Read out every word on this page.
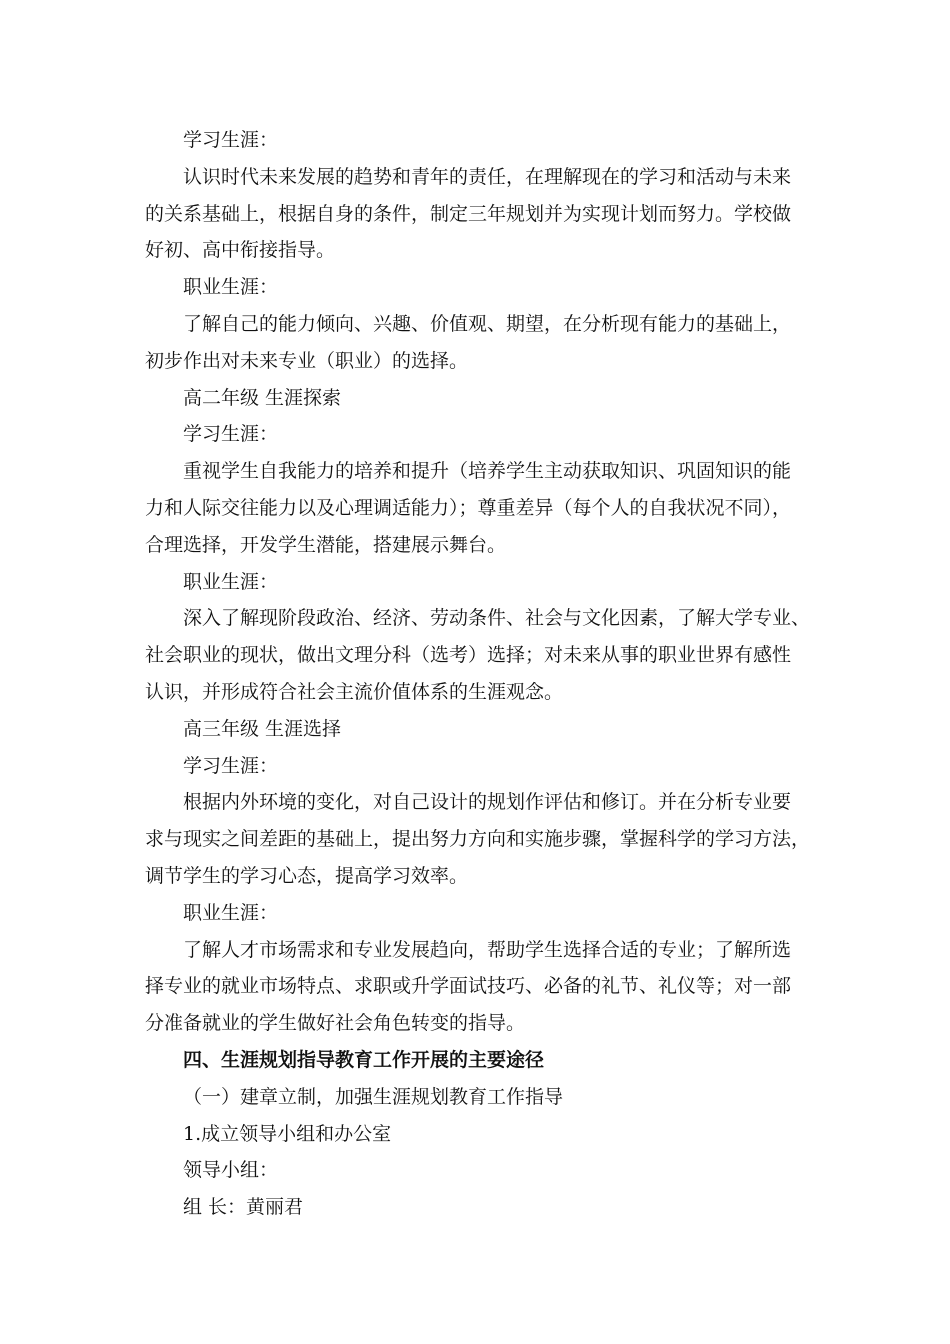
学习生涯：

认识时代未来发展的趋势和青年的责任，在理解现在的学习和活动与未来

的关系基础上，根据自身的条件，制定三年规划并为实现计划而努力。学校做

好初、高中衔接指导。

职业生涯：

了解自己的能力倾向、兴趣、价值观、期望，在分析现有能力的基础上，

初步作出对未来专业（职业）的选择。

高二年级 生涯探索

学习生涯：

重视学生自我能力的培养和提升（培养学生主动获取知识、巩固知识的能

力和人际交往能力以及心理调适能力）；尊重差异（每个人的自我状况不同），

合理选择，开发学生潜能，搭建展示舞台。

职业生涯：

深入了解现阶段政治、经济、劳动条件、社会与文化因素，了解大学专业、

社会职业的现状，做出文理分科（选考）选择；对未来从事的职业世界有感性

认识，并形成符合社会主流价值体系的生涯观念。

高三年级 生涯选择

学习生涯：

根据内外环境的变化，对自己设计的规划作评估和修订。并在分析专业要

求与现实之间差距的基础上，提出努力方向和实施步骤，掌握科学的学习方法，

调节学生的学习心态，提高学习效率。

职业生涯：

了解人才市场需求和专业发展趋向，帮助学生选择合适的专业；了解所选

择专业的就业市场特点、求职或升学面试技巧、必备的礼节、礼仪等；对一部

分准备就业的学生做好社会角色转变的指导。

四、生涯规划指导教育工作开展的主要途径

（一）建章立制，加强生涯规划教育工作指导

1.成立领导小组和办公室

领导小组：

组 长：黄丽君
